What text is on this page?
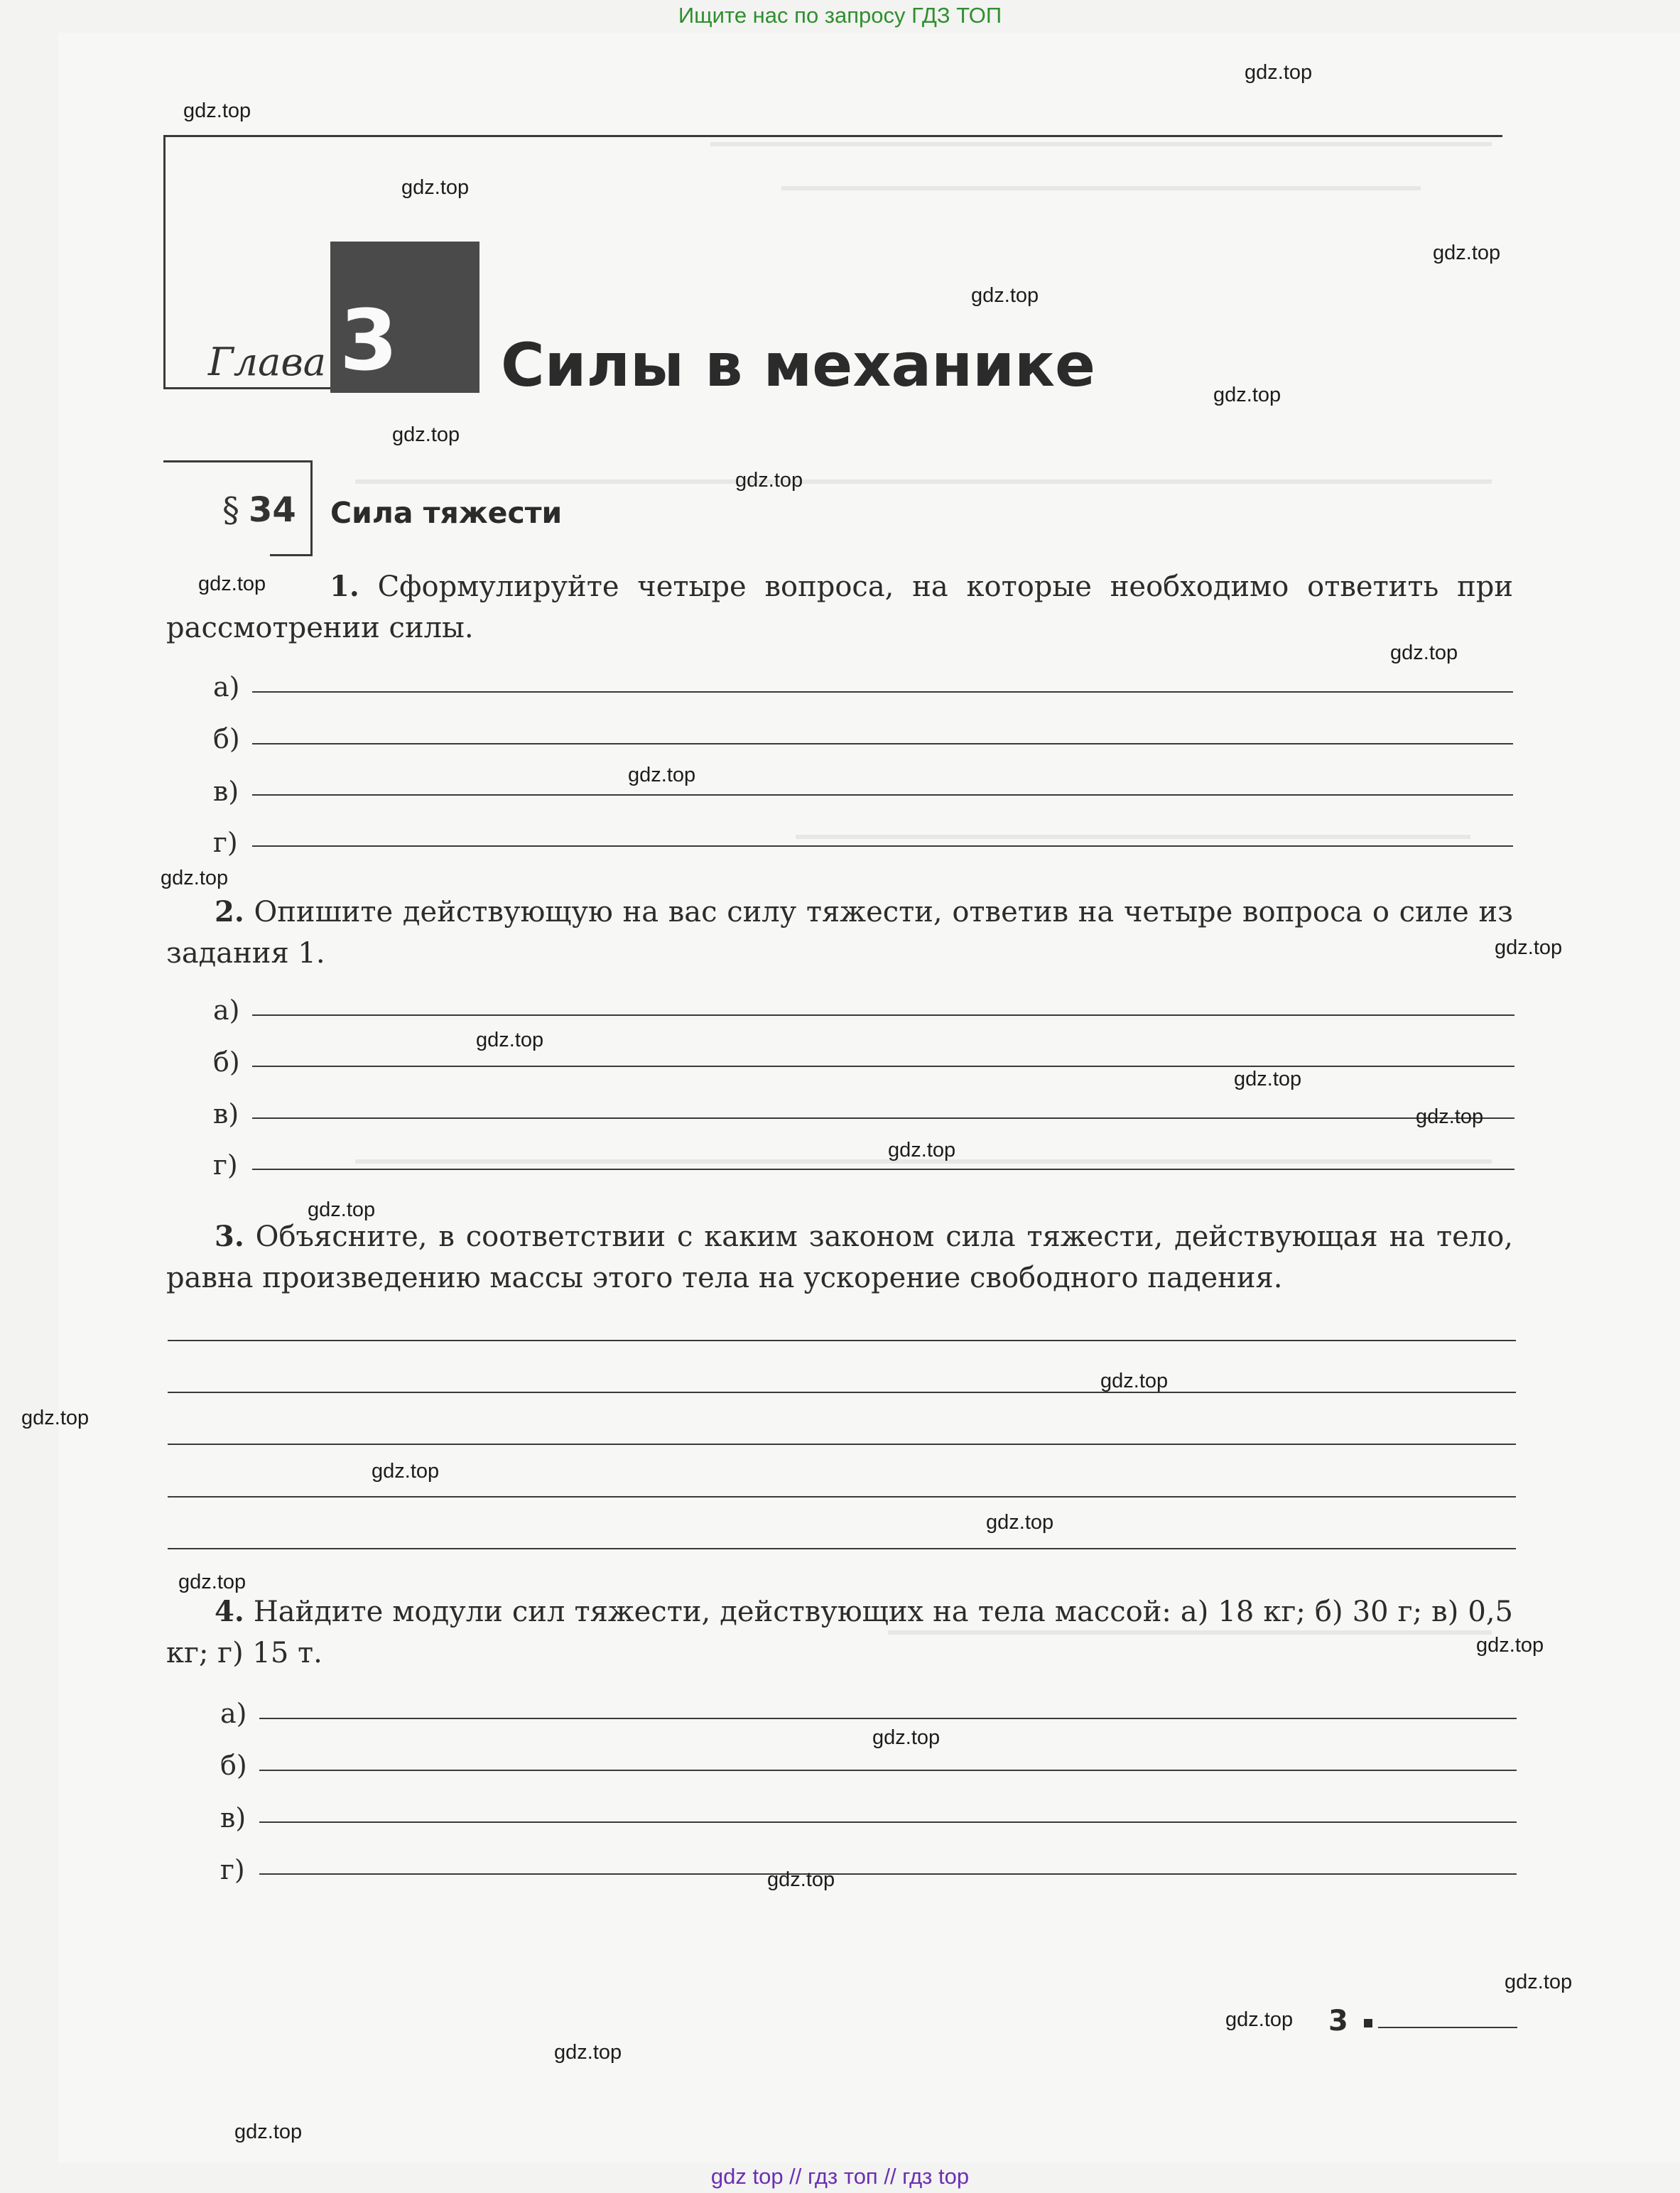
Ищите нас по запросу ГДЗ ТОП
Глава 3 Силы в механике
§ 34 Сила тяжести
1. Сформулируйте четыре вопроса, на которые необходимо ответить при рассмотрении силы.
а)
б)
в)
г)
2. Опишите действующую на вас силу тяжести, ответив на четыре вопроса о силе из задания 1.
а)
б)
в)
г)
3. Объясните, в соответствии с каким законом сила тяжести, действующая на тело, равна произведению массы этого тела на ускорение свободного падения.
4. Найдите модули сил тяжести, действующих на тела массой: а) 18 кг; б) 30 г; в) 0,5 кг; г) 15 т.
а)
б)
в)
г)
3
gdz.top
gdz.top
gdz.top
gdz.top
gdz.top
gdz.top
gdz.top
gdz.top
gdz.top
gdz.top
gdz.top
gdz.top
gdz.top
gdz.top
gdz.top
gdz.top
gdz.top
gdz.top
gdz.top
gdz.top
gdz.top
gdz.top
gdz.top
gdz.top
gdz.top
gdz.top
gdz.top
gdz.top
gdz.top
gdz.top
gdz top // гдз топ // гдз top
